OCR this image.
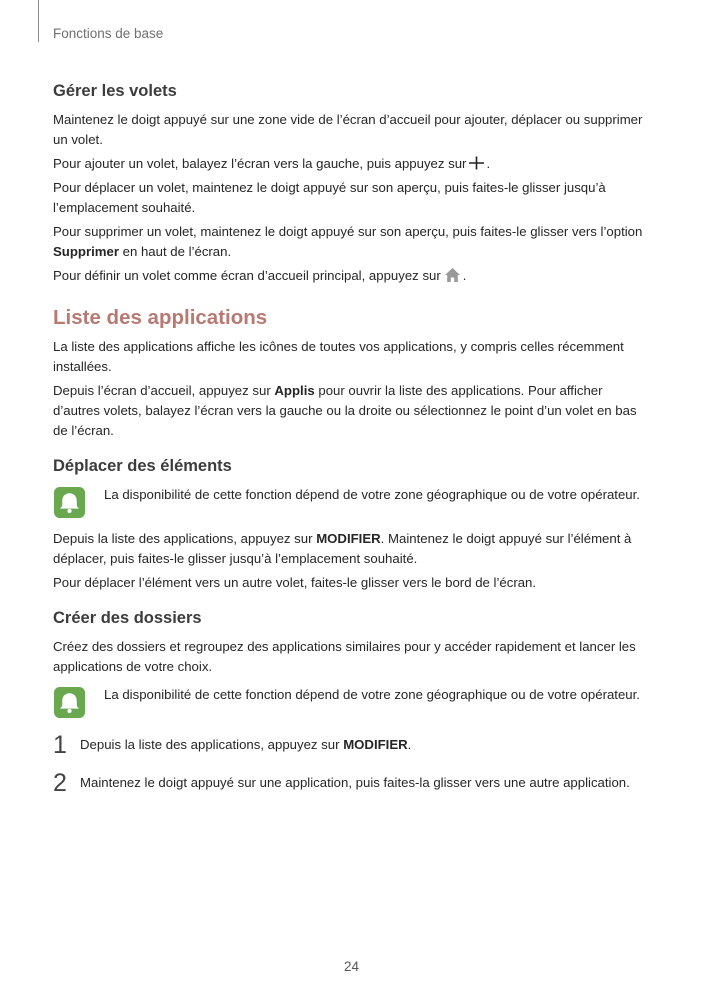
Fonctions de base
Gérer les volets

Maintenez le doigt appuyé sur une zone vide de l’écran d’accueil pour ajouter, déplacer ou supprimer un volet.

Pour ajouter un volet, balayez l’écran vers la gauche, puis appuyez sur .

Pour déplacer un volet, maintenez le doigt appuyé sur son aperçu, puis faites-le glisser jusqu’à l’emplacement souhaité.

Pour supprimer un volet, maintenez le doigt appuyé sur son aperçu, puis faites-le glisser vers l’option Supprimer en haut de l’écran.

Pour définir un volet comme écran d’accueil principal, appuyez sur .

Liste des applications

La liste des applications affiche les icônes de toutes vos applications, y compris celles récemment installées.

Depuis l’écran d’accueil, appuyez sur Applis pour ouvrir la liste des applications. Pour afficher d’autres volets, balayez l’écran vers la gauche ou la droite ou sélectionnez le point d’un volet en bas de l’écran.

Déplacer des éléments

La disponibilité de cette fonction dépend de votre zone géographique ou de votre opérateur.

Depuis la liste des applications, appuyez sur MODIFIER. Maintenez le doigt appuyé sur l’élément à déplacer, puis faites-le glisser jusqu’à l’emplacement souhaité.

Pour déplacer l’élément vers un autre volet, faites-le glisser vers le bord de l’écran.

Créer des dossiers

Créez des dossiers et regroupez des applications similaires pour y accéder rapidement et lancer les applications de votre choix.

La disponibilité de cette fonction dépend de votre zone géographique ou de votre opérateur.

1 Depuis la liste des applications, appuyez sur MODIFIER.

2 Maintenez le doigt appuyé sur une application, puis faites-la glisser vers une autre application.

24
